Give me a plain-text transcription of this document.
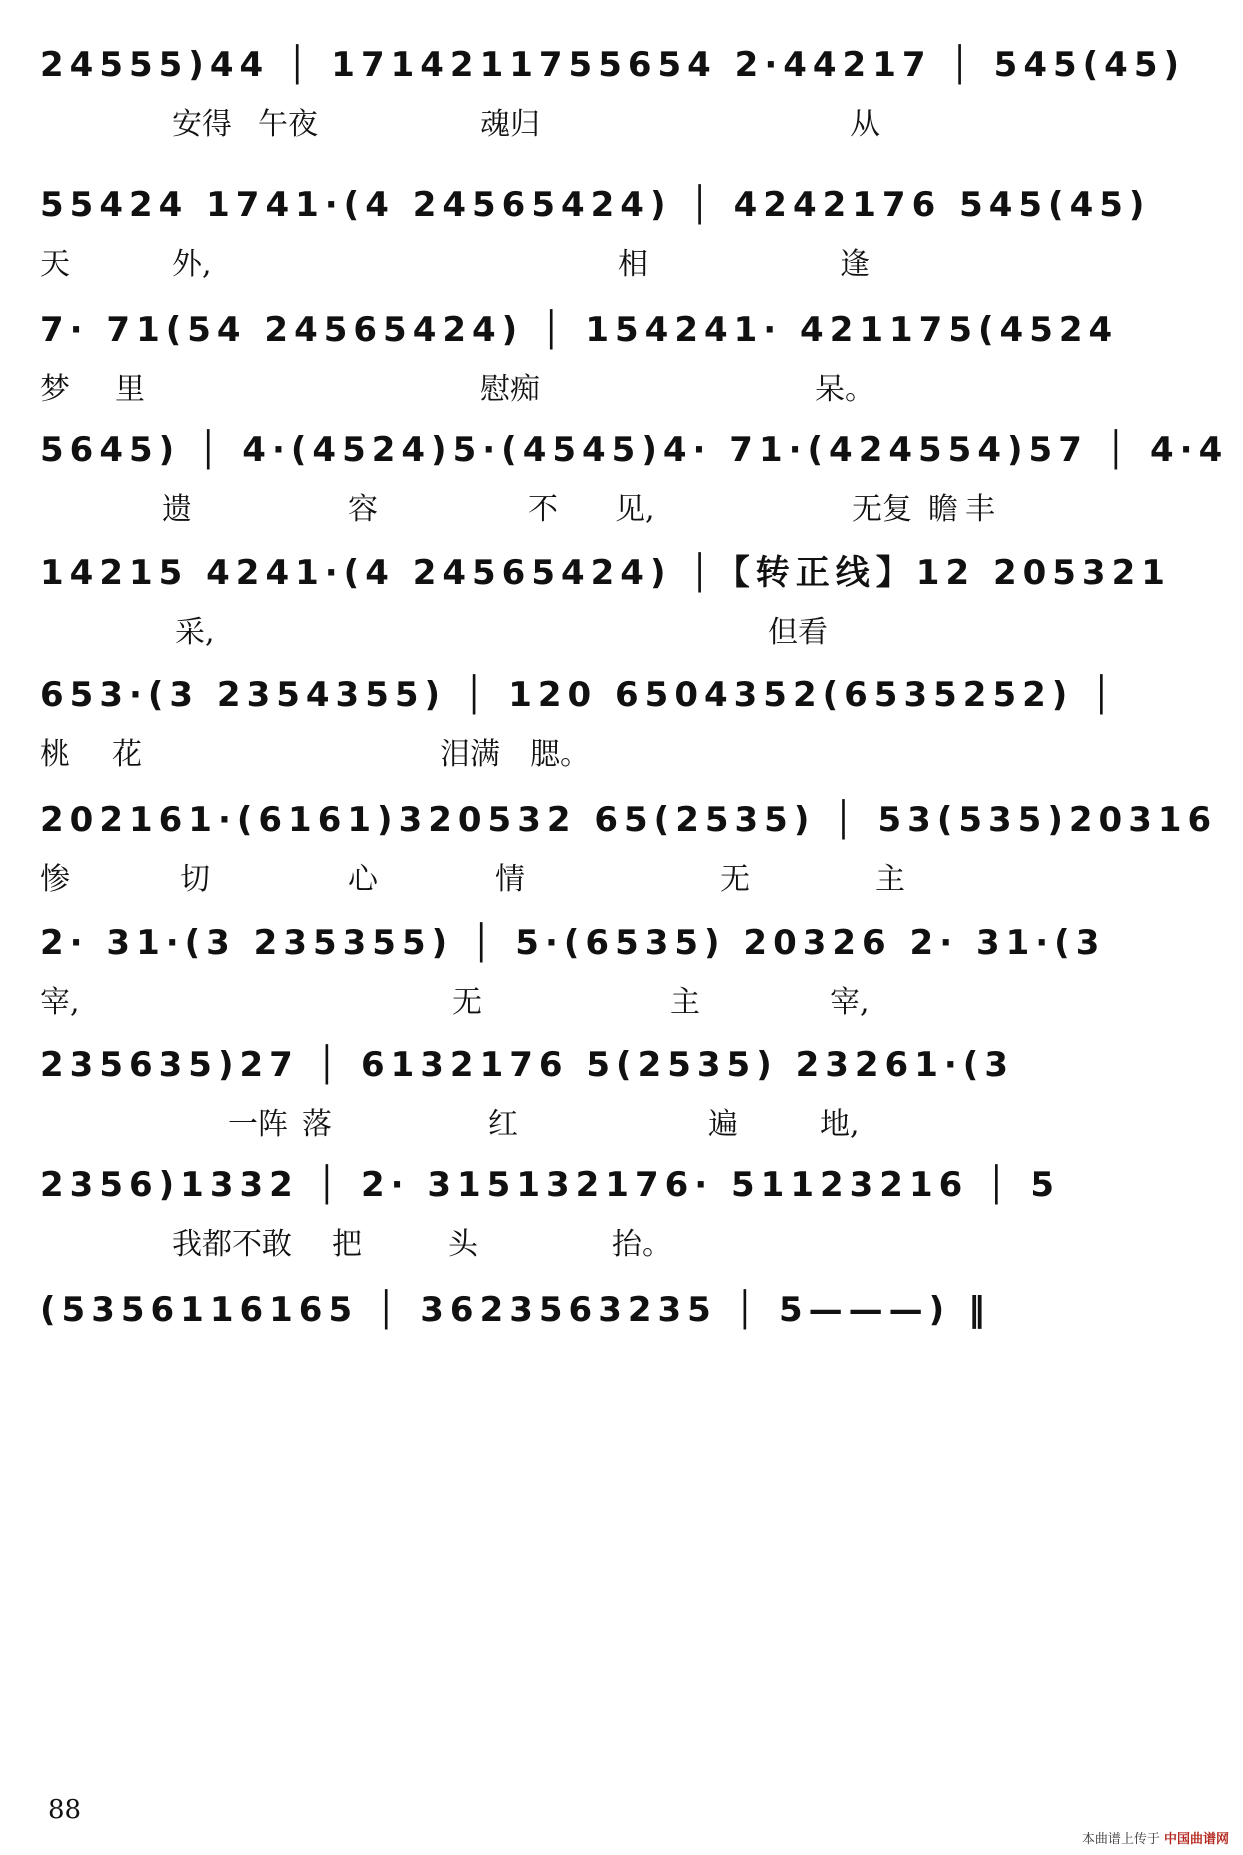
24555)44 │ 1714211755654 2·44217 │ 545(45)
安得 午夜	魂归	从
55424 1741·(4 24565424) │ 4242176 545(45)
天	外,	相	逢
7· 71(54 24565424) │ 154241· 421175(4524
梦 里	慰痴	呆。
5645) │ 4·(4524)5·(4545)4· 71·(424554)57 │ 4·4
遗	容	不 见,	无复 瞻 丰
14215 4241·(4 24565424) │【转正线】12 205321
采,	但看
653·(3 2354355) │ 120 6504352(6535252) │
桃 花	泪满 腮。
202161·(6161)320532 65(2535) │ 53(535)20316
惨	切	心	情	无	主
2· 31·(3 235355) │ 5·(6535) 20326 2· 31·(3
宰,	无	主	宰,
235635)27 │ 6132176 5(2535) 23261·(3
一阵 落	红	遍	地,
2356)1332 │ 2· 315132176· 51123216 │ 5
我都不敢 把	头	抬。
(5356116165 │ 3623563235 │ 5———) ‖
88
本曲谱上传于 中国曲谱网
